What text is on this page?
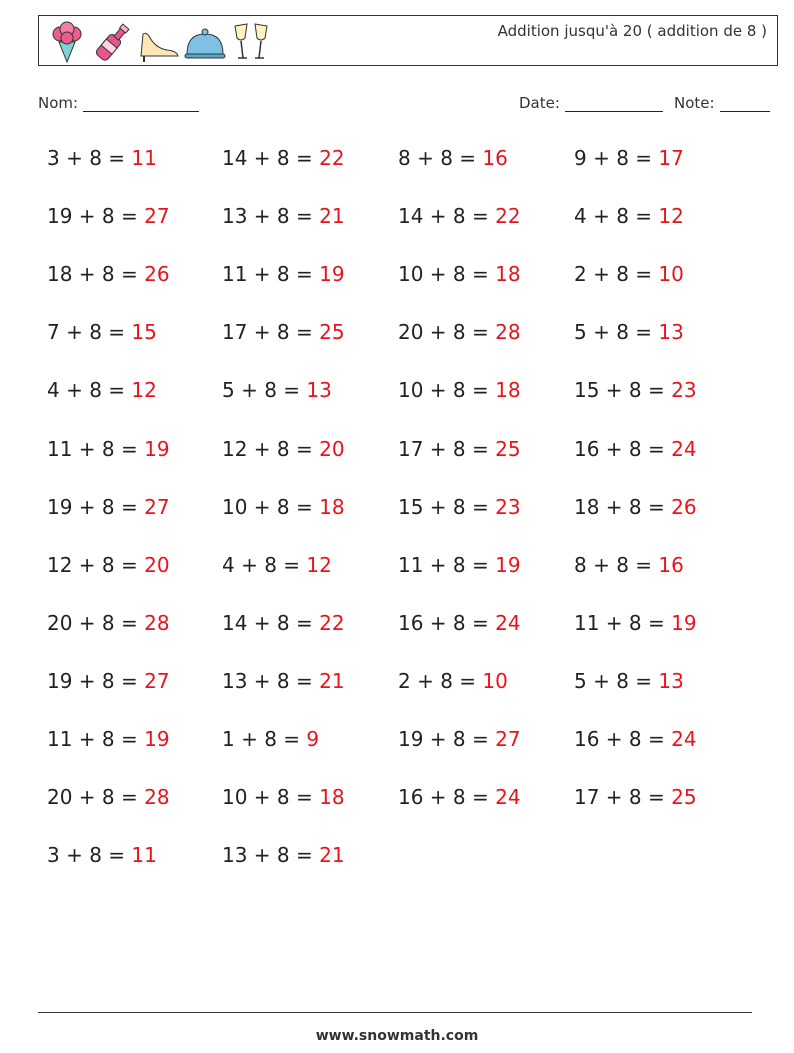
Addition jusqu'à 20 ( addition de 8 )
Nom:	Date:	Note:
3 + 8 = 11	14 + 8 = 22	8 + 8 = 16	9 + 8 = 17
19 + 8 = 27	13 + 8 = 21	14 + 8 = 22	4 + 8 = 12
18 + 8 = 26	11 + 8 = 19	10 + 8 = 18	2 + 8 = 10
7 + 8 = 15	17 + 8 = 25	20 + 8 = 28	5 + 8 = 13
4 + 8 = 12	5 + 8 = 13	10 + 8 = 18	15 + 8 = 23
11 + 8 = 19	12 + 8 = 20	17 + 8 = 25	16 + 8 = 24
19 + 8 = 27	10 + 8 = 18	15 + 8 = 23	18 + 8 = 26
12 + 8 = 20	4 + 8 = 12	11 + 8 = 19	8 + 8 = 16
20 + 8 = 28	14 + 8 = 22	16 + 8 = 24	11 + 8 = 19
19 + 8 = 27	13 + 8 = 21	2 + 8 = 10	5 + 8 = 13
11 + 8 = 19	1 + 8 = 9	19 + 8 = 27	16 + 8 = 24
20 + 8 = 28	10 + 8 = 18	16 + 8 = 24	17 + 8 = 25
3 + 8 = 11	13 + 8 = 21
www.snowmath.com
